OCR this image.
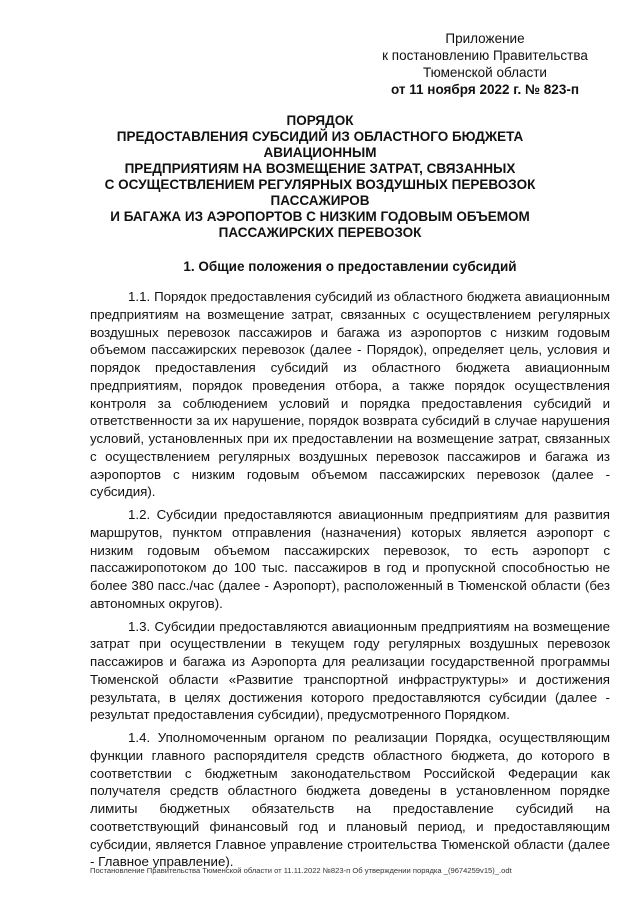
Приложение
к постановлению Правительства
Тюменской области
от 11 ноября 2022 г. № 823-п
ПОРЯДОК
ПРЕДОСТАВЛЕНИЯ СУБСИДИЙ ИЗ ОБЛАСТНОГО БЮДЖЕТА
АВИАЦИОННЫМ
ПРЕДПРИЯТИЯМ НА ВОЗМЕЩЕНИЕ ЗАТРАТ, СВЯЗАННЫХ
С ОСУЩЕСТВЛЕНИЕМ РЕГУЛЯРНЫХ ВОЗДУШНЫХ ПЕРЕВОЗОК
ПАССАЖИРОВ
И БАГАЖА ИЗ АЭРОПОРТОВ С НИЗКИМ ГОДОВЫМ ОБЪЕМОМ
ПАССАЖИРСКИХ ПЕРЕВОЗОК
1. Общие положения о предоставлении субсидий

1.1. Порядок предоставления субсидий из областного бюджета авиационным предприятиям на возмещение затрат, связанных с осуществлением регулярных воздушных перевозок пассажиров и багажа из аэропортов с низким годовым объемом пассажирских перевозок (далее - Порядок), определяет цель, условия и порядок предоставления субсидий из областного бюджета авиационным предприятиям, порядок проведения отбора, а также порядок осуществления контроля за соблюдением условий и порядка предоставления субсидий и ответственности за их нарушение, порядок возврата субсидий в случае нарушения условий, установленных при их предоставлении на возмещение затрат, связанных с осуществлением регулярных воздушных перевозок пассажиров и багажа из аэропортов с низким годовым объемом пассажирских перевозок (далее - субсидия).

1.2. Субсидии предоставляются авиационным предприятиям для развития маршрутов, пунктом отправления (назначения) которых является аэропорт с низким годовым объемом пассажирских перевозок, то есть аэропорт с пассажиропотоком до 100 тыс. пассажиров в год и пропускной способностью не более 380 пасс./час (далее - Аэропорт), расположенный в Тюменской области (без автономных округов).

1.3. Субсидии предоставляются авиационным предприятиям на возмещение затрат при осуществлении в текущем году регулярных воздушных перевозок пассажиров и багажа из Аэропорта для реализации государственной программы Тюменской области «Развитие транспортной инфраструктуры» и достижения результата, в целях достижения которого предоставляются субсидии (далее - результат предоставления субсидии), предусмотренного Порядком.

1.4. Уполномоченным органом по реализации Порядка, осуществляющим функции главного распорядителя средств областного бюджета, до которого в соответствии с бюджетным законодательством Российской Федерации как получателя средств областного бюджета доведены в установленном порядке лимиты бюджетных обязательств на предоставление субсидий на соответствующий финансовый год и плановый период, и предоставляющим субсидии, является Главное управление строительства Тюменской области (далее - Главное управление).

Постановление Правительства Тюменской области от 11.11.2022 №823-п Об утверждении порядка _(9674259v15)_.odt
